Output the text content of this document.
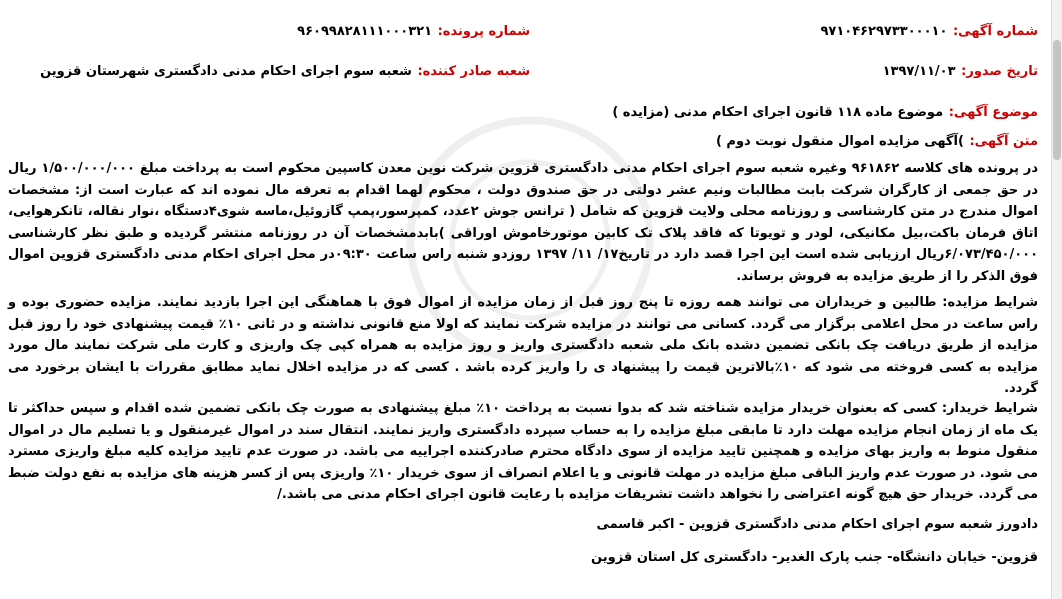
شماره آگهی: ۹۷۱۰۴۶۲۹۷۳۳۰۰۰۱۰
شماره پرونده: ۹۶۰۹۹۸۲۸۱۱۱۰۰۰۳۲۱
تاریخ صدور: ۱۳۹۷/۱۱/۰۳
شعبه صادر کننده: شعبه سوم اجرای احکام مدنی دادگستری شهرستان قزوین
موضوع آگهی: موضوع ماده ۱۱۸ قانون اجرای احکام مدنی (مزایده )
متن آگهی: )آگهی مزایده اموال منقول نوبت دوم )

در پرونده های کلاسه ۹۶۱۸۶۲ وغیره شعبه سوم اجرای احکام مدنی دادگستری قزوین شرکت نوین معدن کاسپین محکوم است به پرداخت مبلغ ۱/۵۰۰/۰۰۰/۰۰۰ ریال در حق جمعی از کارگران شرکت بابت مطالبات ونیم عشر دولتی در حق صندوق دولت ، محکوم لهما اقدام به تعرفه مال نموده اند که عبارت است از: مشخصات اموال مندرج در متن کارشناسی و روزنامه محلی ولایت قزوین که شامل ( ترانس جوش ۲عدد، کمپرسور،پمپ گازوئیل،ماسه شوی۴دستگاه ،نوار نقاله، تانکرهوایی، اتاق فرمان باکت،بیل مکانیکی، لودر و تویوتا که فاقد پلاک تک کابین موتورخاموش اوراقی )بابدمشخصات آن در روزنامه منتشر گردیده و طبق نظر کارشناسی ۶/۰۷۳/۴۵۰/۰۰۰ریال ارزیابی شده است این اجرا قصد دارد در تاریخ۱۷/ ۱۱/ ۱۳۹۷ روزدو شنبه راس ساعت ۰۹:۳۰در محل اجرای احکام مدنی دادگستری قزوین اموال فوق الذکر را از طریق مزایده به فروش برساند.

شرایط مزایده: طالبین و خریداران می توانند همه روزه تا پنج روز قبل از زمان مزایده از اموال فوق با هماهنگی این اجرا بازدید نمایند. مزایده حضوری بوده و راس ساعت در محل اعلامی برگزار می گردد. کسانی می توانند در مزایده شرکت نمایند که اولا منع قانونی نداشته و در ثانی ۱۰٪ قیمت پیشنهادی خود را روز قبل مزایده از طریق دریافت چک بانکی تضمین دشده بانک ملی شعبه دادگستری واریز و روز مزایده به همراه کپی چک واریزی و کارت ملی شرکت نمایند مال مورد مزایده به کسی فروخته می شود که ۱۰٪بالاترین قیمت را پیشنهاد ی را واریز کرده باشد . کسی که در مزایده اخلال نماید مطابق مقررات با ایشان برخورد می گردد.

شرایط خریدار: کسی که بعنوان خریدار مزایده شناخته شد که بدوا نسبت به پرداخت ۱۰٪ مبلغ پیشنهادی به صورت چک بانکی تضمین شده اقدام و سپس حداکثر تا یک ماه از زمان انجام مزایده مهلت دارد تا مابقی مبلغ مزایده را به حساب سپرده دادگستری واریز نمایند. انتقال سند در اموال غیرمنقول و یا تسلیم مال در اموال منقول منوط به واریز بهای مزایده و همچنین تایید مزایده از سوی دادگاه محترم صادرکننده اجراییه می باشد. در صورت عدم تایید مزایده کلیه مبلغ واریزی مسترد می شود. در صورت عدم واریز الباقی مبلغ مزایده در مهلت قانونی و یا اعلام انصراف از سوی خریدار ۱۰٪ واریزی پس از کسر هزینه های مزایده به نفع دولت ضبط می گردد. خریدار حق هیچ گونه اعتراضی را نخواهد داشت تشریفات مزایده با رعایت قانون اجرای احکام مدنی می باشد./

دادورز شعبه سوم اجرای احکام مدنی دادگستری قزوین - اکبر قاسمی
قزوین- خیابان دانشگاه- جنب پارک الغدیر- دادگستری کل استان قزوین
